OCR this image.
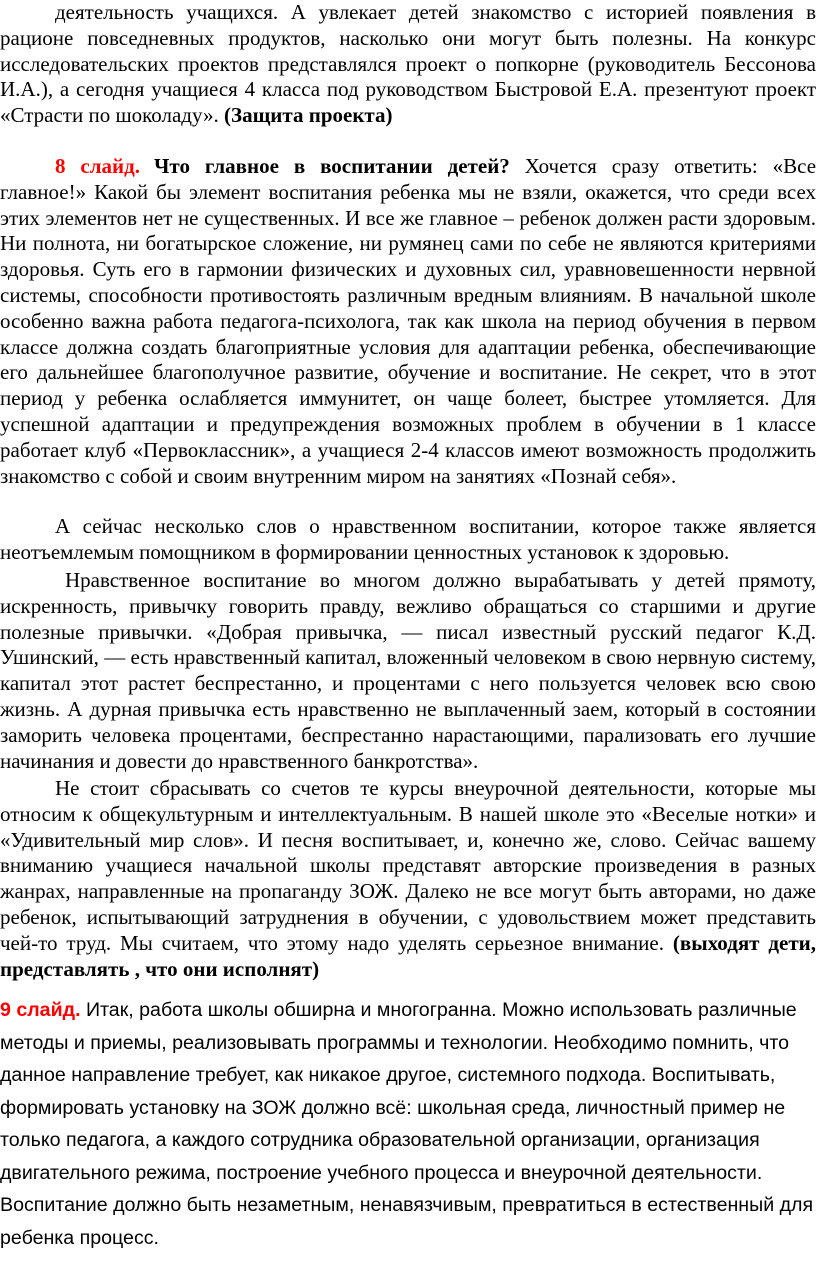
деятельность учащихся. А увлекает детей знакомство с историей появления в рационе повседневных продуктов, насколько они могут быть полезны. На конкурс исследовательских проектов представлялся проект о попкорне (руководитель Бессонова И.А.), а сегодня учащиеся 4 класса под руководством Быстровой Е.А. презентуют проект «Страсти по шоколаду». (Защита проекта)

8 слайд. Что главное в воспитании детей? Хочется сразу ответить: «Все главное!» Какой бы элемент воспитания ребенка мы не взяли, окажется, что среди всех этих элементов нет не существенных. И все же главное – ребенок должен расти здоровым. Ни полнота, ни богатырское сложение, ни румянец сами по себе не являются критериями здоровья. Суть его в гармонии физических и духовных сил, уравновешенности нервной системы, способности противостоять различным вредным влияниям. В начальной школе особенно важна работа педагога-психолога, так как школа на период обучения в первом классе должна создать благоприятные условия для адаптации ребенка, обеспечивающие его дальнейшее благополучное развитие, обучение и воспитание. Не секрет, что в этот период у ребенка ослабляется иммунитет, он чаще болеет, быстрее утомляется. Для успешной адаптации и предупреждения возможных проблем в обучении в 1 классе работает клуб «Первоклассник», а учащиеся 2-4 классов имеют возможность продолжить знакомство с собой и своим внутренним миром на занятиях «Познай себя».

А сейчас несколько слов о нравственном воспитании, которое также является неотъемлемым помощником в формировании ценностных установок к здоровью.

Нравственное воспитание во многом должно вырабатывать у детей прямоту, искренность, привычку говорить правду, вежливо обращаться со старшими и другие полезные привычки. «Добрая привычка, — писал известный русский педагог К.Д. Ушинский, — есть нравственный капитал, вложенный человеком в свою нервную систему, капитал этот растет беспрестанно, и процентами с него пользуется человек всю свою жизнь. А дурная привычка есть нравственно не выплаченный заем, который в состоянии заморить человека процентами, беспрестанно нарастающими, парализовать его лучшие начинания и довести до нравственного банкротства».

Не стоит сбрасывать со счетов те курсы внеурочной деятельности, которые мы относим к общекультурным и интеллектуальным. В нашей школе это «Веселые нотки» и «Удивительный мир слов». И песня воспитывает, и, конечно же, слово. Сейчас вашему вниманию учащиеся начальной школы представят авторские произведения в разных жанрах, направленные на пропаганду ЗОЖ. Далеко не все могут быть авторами, но даже ребенок, испытывающий затруднения в обучении, с удовольствием может представить чей-то труд. Мы считаем, что этому надо уделять серьезное внимание. (выходят дети, представлять , что они исполнят)

9 слайд. Итак, работа школы обширна и многогранна. Можно использовать различные методы и приемы, реализовывать программы и технологии. Необходимо помнить, что данное направление требует, как никакое другое, системного подхода. Воспитывать, формировать установку на ЗОЖ должно всё: школьная среда, личностный пример не только педагога, а каждого сотрудника образовательной организации, организация двигательного режима, построение учебного процесса и внеурочной деятельности. Воспитание должно быть незаметным, ненавязчивым, превратиться в естественный для ребенка процесс.
